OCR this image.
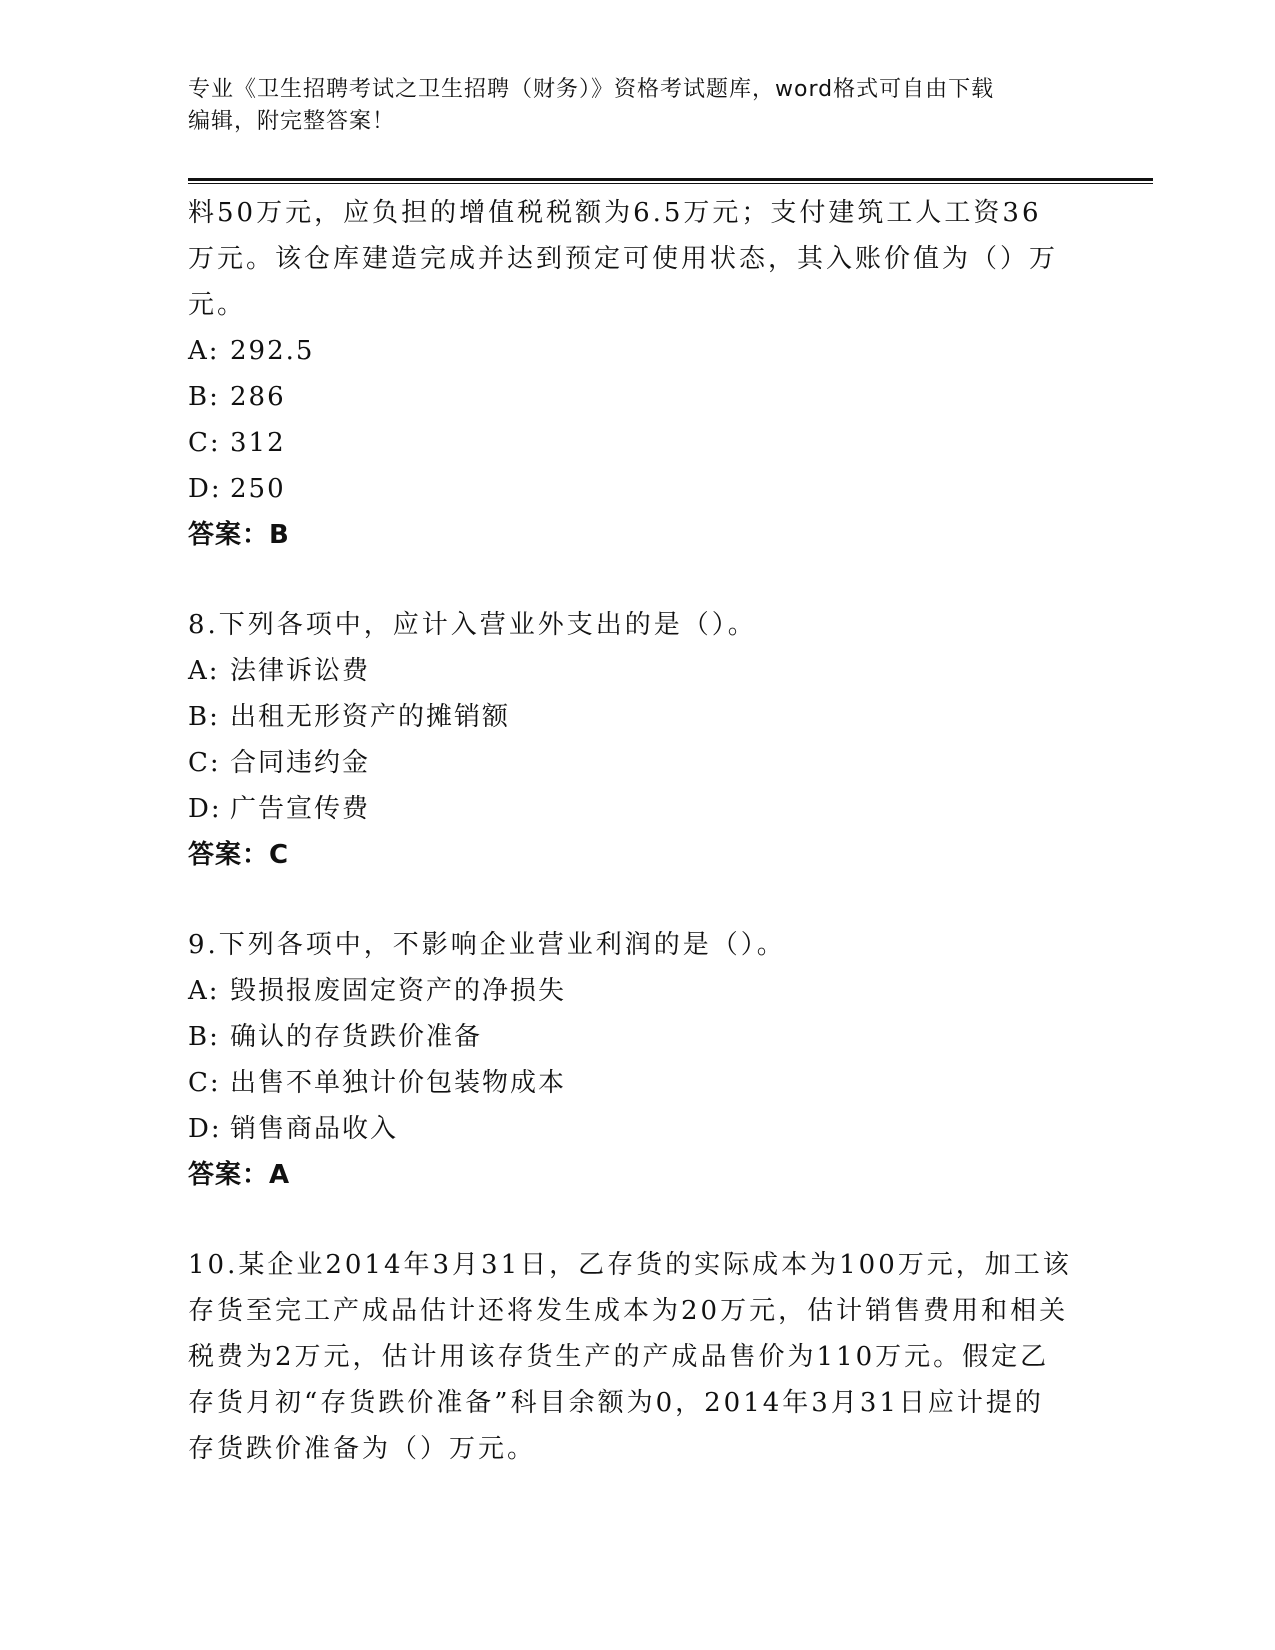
专业《卫生招聘考试之卫生招聘（财务）》资格考试题库，word格式可自由下载
编辑，附完整答案！

料50万元，应负担的增值税税额为6.5万元；支付建筑工人工资36

万元。该仓库建造完成并达到预定可使用状态，其入账价值为（）万

元。

A: 292.5

B: 286

C: 312

D: 250

答案：B

8.下列各项中，应计入营业外支出的是（）。

A: 法律诉讼费

B: 出租无形资产的摊销额

C: 合同违约金

D: 广告宣传费

答案：C

9.下列各项中，不影响企业营业利润的是（）。

A: 毁损报废固定资产的净损失

B: 确认的存货跌价准备

C: 出售不单独计价包装物成本

D: 销售商品收入

答案：A

10.某企业2014年3月31日，乙存货的实际成本为100万元，加工该

存货至完工产成品估计还将发生成本为20万元，估计销售费用和相关

税费为2万元，估计用该存货生产的产成品售价为110万元。假定乙

存货月初“存货跌价准备”科目余额为0，2014年3月31日应计提的

存货跌价准备为（）万元。
